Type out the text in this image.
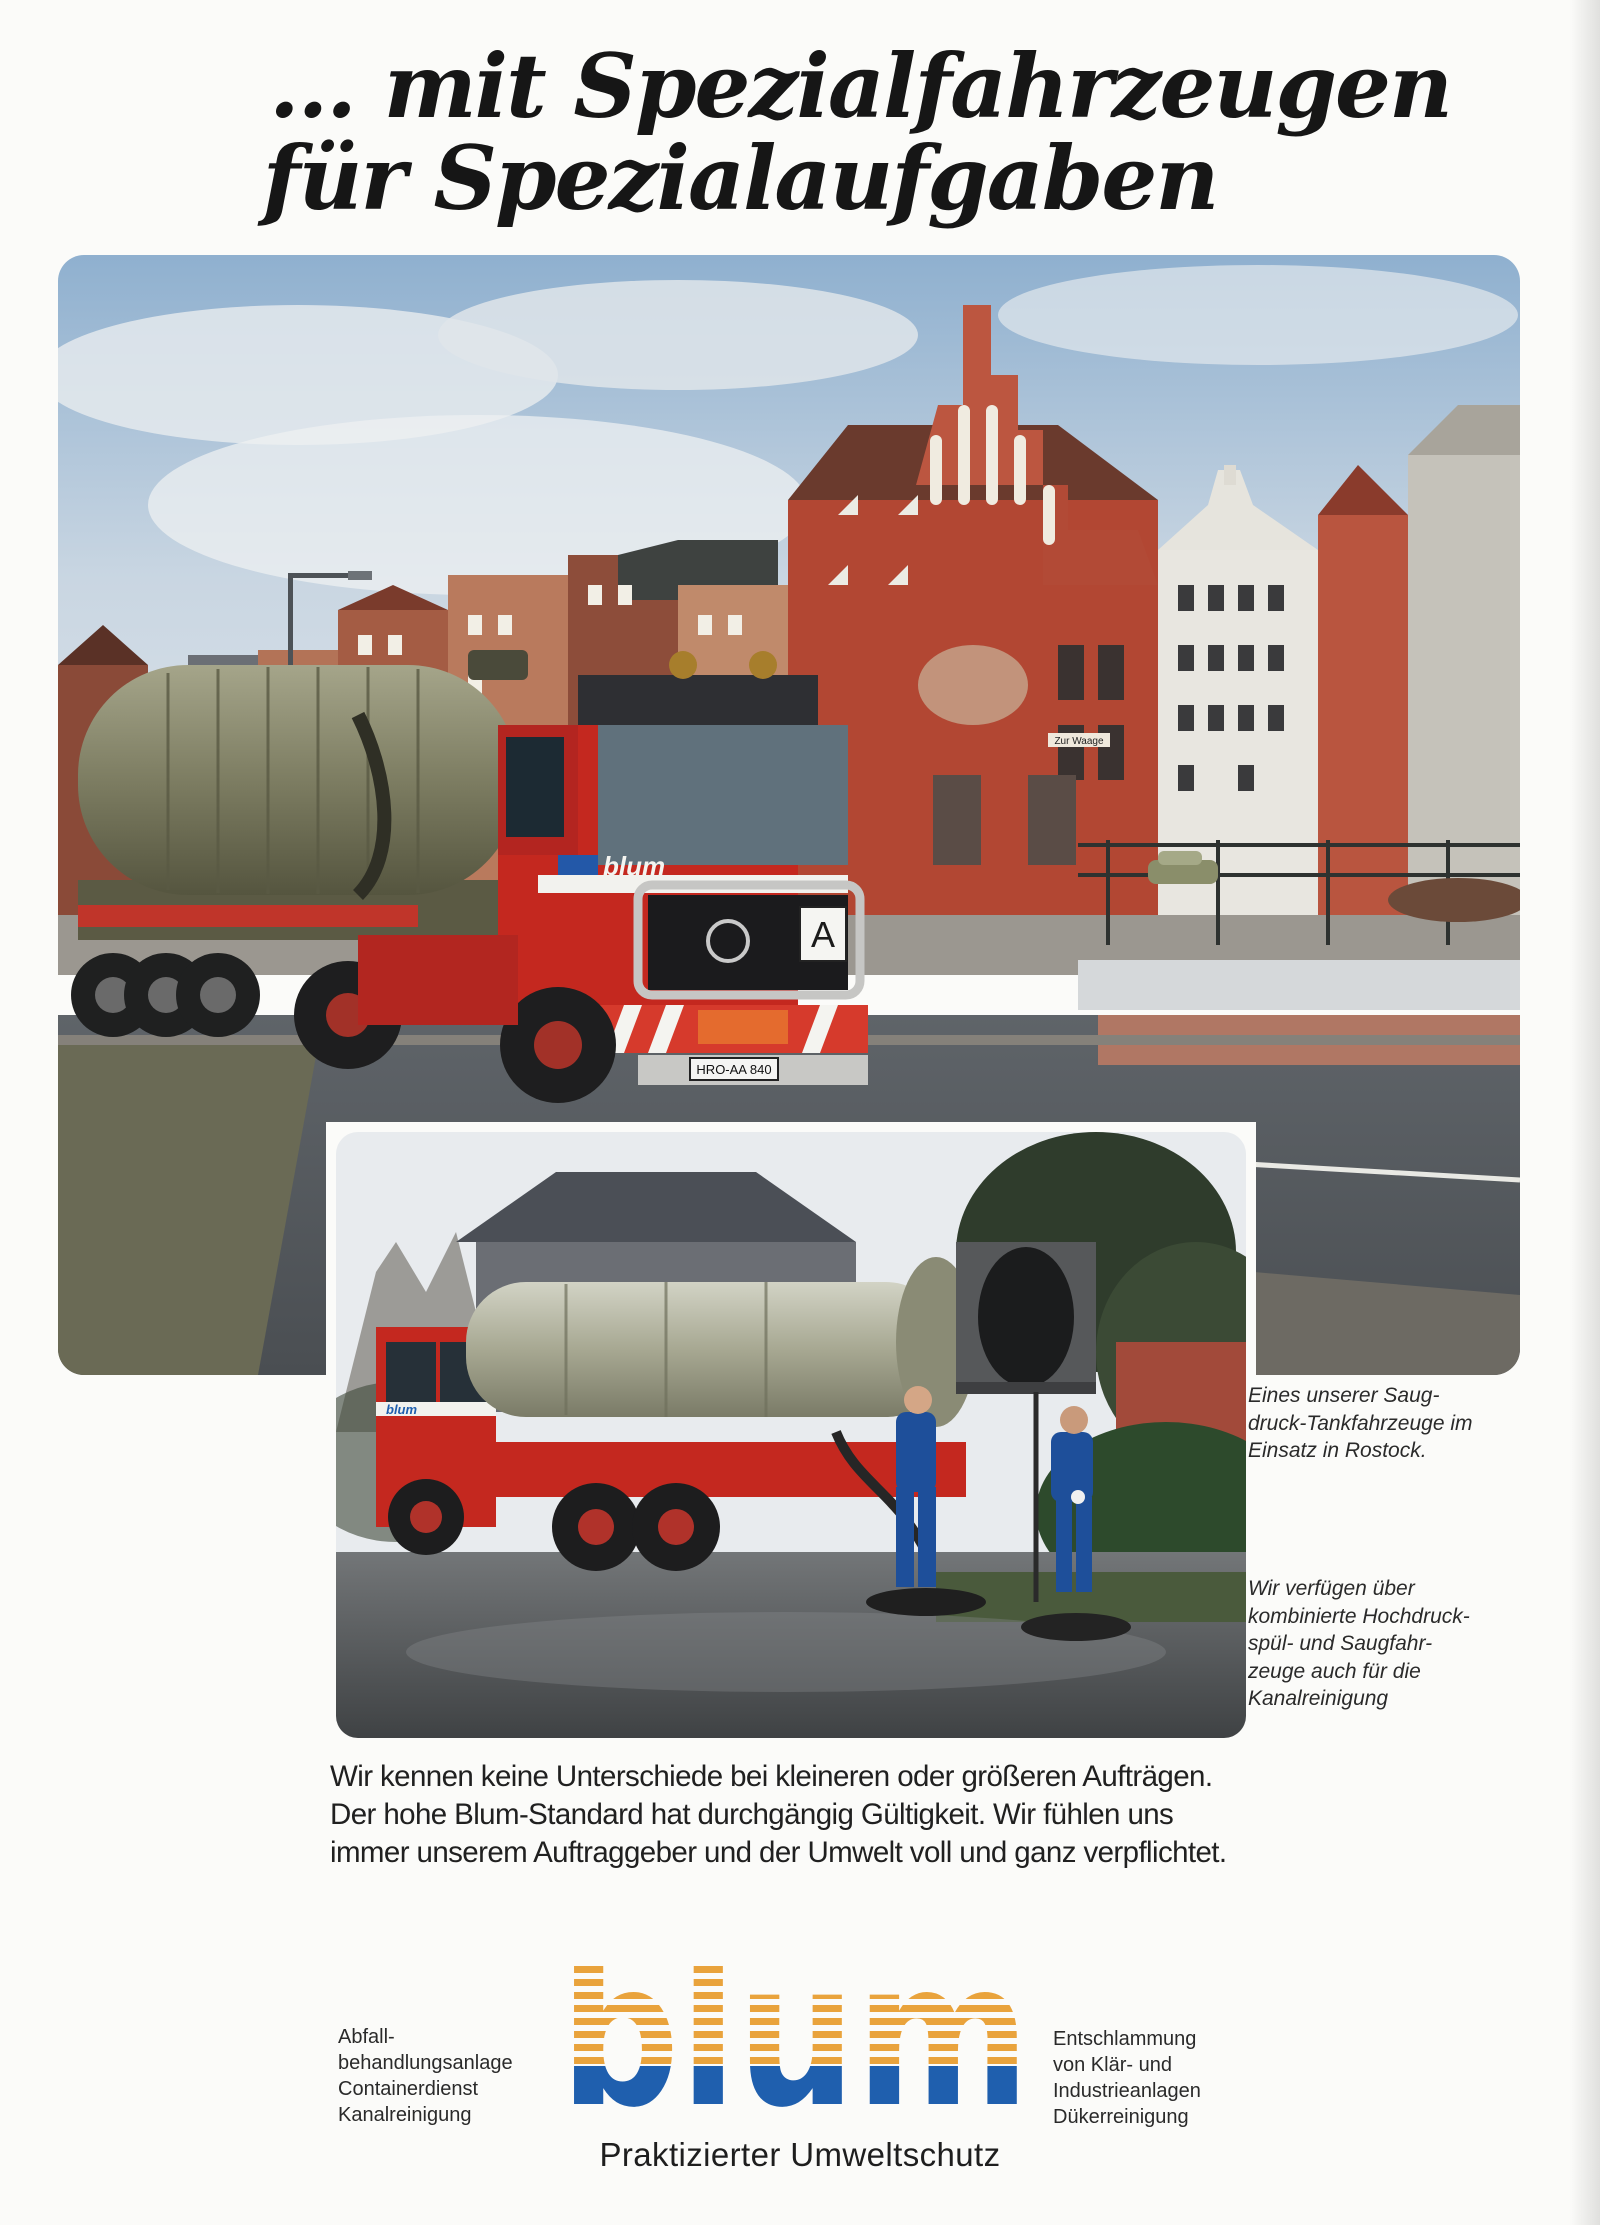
... mit Spezialfahrzeugen
für Spezialaufgaben
Zur Waage
blum
A
HRO-AA 840
blum

Eines unserer Saug-
druck-Tankfahrzeuge im
Einsatz in Rostock.

Wir verfügen über
kombinierte Hochdruck-
spül- und Saugfahr-
zeuge auch für die
Kanalreinigung

Wir kennen keine Unterschiede bei kleineren oder größeren Aufträgen.
Der hohe Blum-Standard hat durchgängig Gültigkeit. Wir fühlen uns
immer unserem Auftraggeber und der Umwelt voll und ganz verpflichtet.

Abfall-
behandlungsanlage
Containerdienst
Kanalreinigung
Entschlammung
von Klär- und
Industrieanlagen
Dükerreinigung
Praktizierter Umweltschutz
